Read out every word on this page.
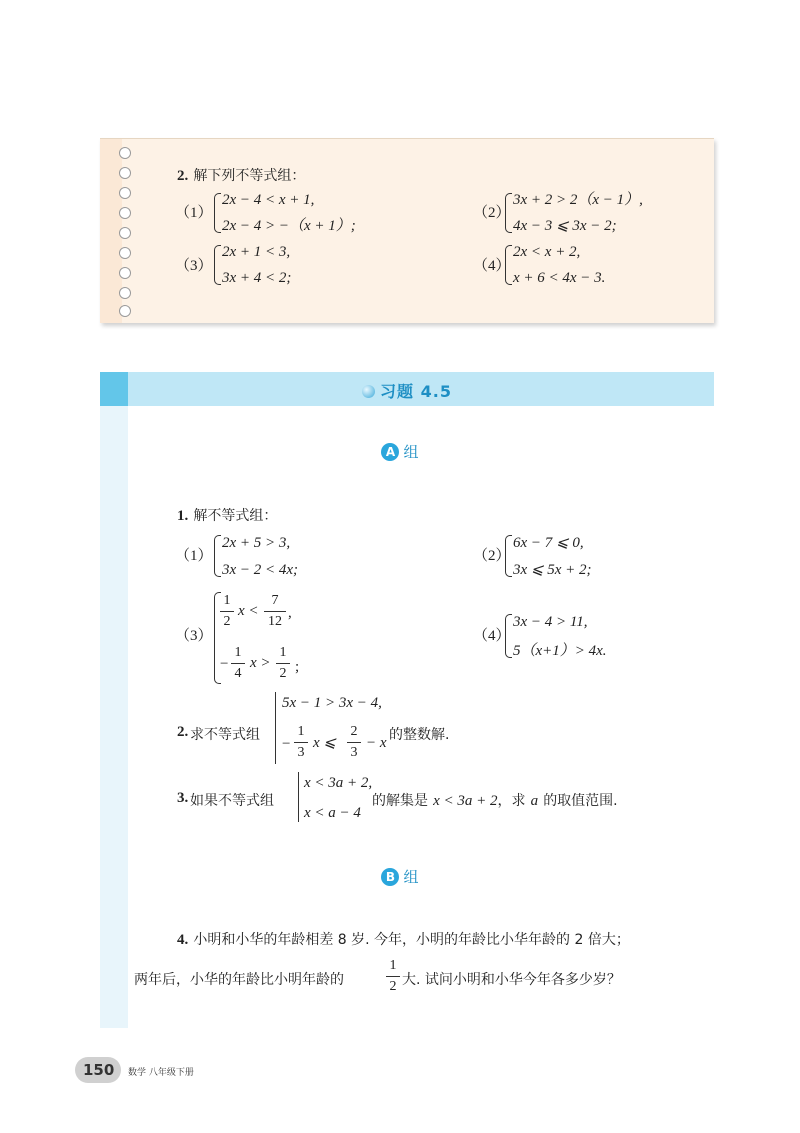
2. 解下列不等式组：
（1）
2x − 4 < x + 1,
2x − 4 > −（x + 1）;
（2）
3x + 2 > 2（x − 1）,
4x − 3 ⩽ 3x − 2;
（3）
2x + 1 < 3,
3x + 4 < 2;
（4）
2x < x + 2,
x + 6 < 4x − 3.
习题 4.5
A 组
1. 解不等式组：
（1）
2x + 5 > 3,
3x − 2 < 4x;
（2）
6x − 7 ⩽ 0,
3x ⩽ 5x + 2;
（3）
1
2
x <
7
12
,
−
1
4
x >
1
2 ;
（4）
3x − 4 > 11,
5（x+1）> 4x.
2. 求不等式组
5x − 1 > 3x − 4,
−
1
3
x ⩽
2
3
− x 的整数解.
3. 如果不等式组
x < 3a + 2,
x < a − 4
的解集是 x < 3a + 2，求 a 的取值范围.
B 组
4. 小明和小华的年龄相差 8 岁. 今年，小明的年龄比小华年龄的 2 倍大；
两年后，小华的年龄比小明年龄的
1
2 大. 试问小明和小华今年各多少岁？
150 数学 八年级下册
